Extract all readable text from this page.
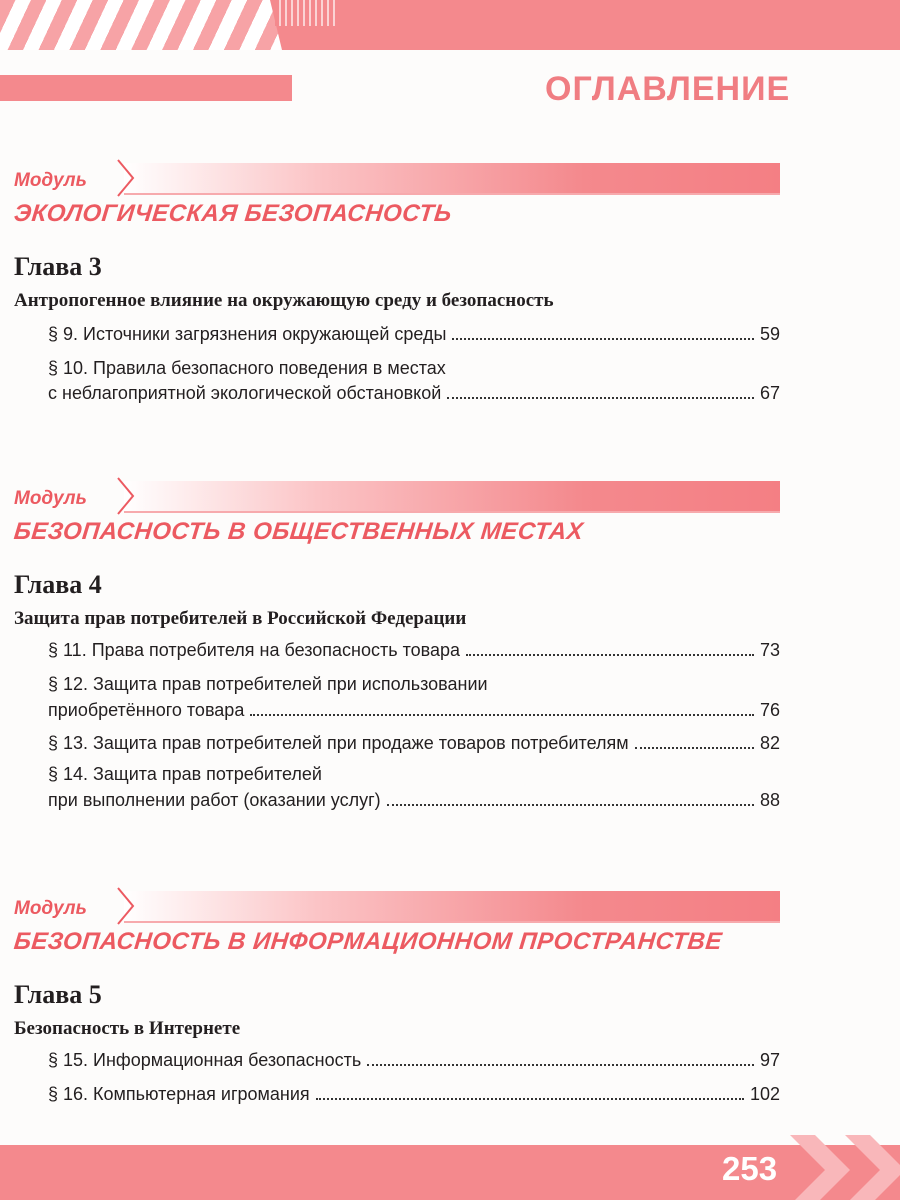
ОГЛАВЛЕНИЕ
Модуль
ЭКОЛОГИЧЕСКАЯ БЕЗОПАСНОСТЬ
Глава 3
Антропогенное влияние на окружающую среду и безопасность
§ 9. Источники загрязнения окружающей среды	59
§ 10. Правила безопасного поведения в местах
с неблагоприятной экологической обстановкой	67
Модуль
БЕЗОПАСНОСТЬ В ОБЩЕСТВЕННЫХ МЕСТАХ
Глава 4
Защита прав потребителей в Российской Федерации
§ 11. Права потребителя на безопасность товара	73
§ 12. Защита прав потребителей при использовании
приобретённого товара	76
§ 13. Защита прав потребителей при продаже товаров потребителям	82
§ 14. Защита прав потребителей
при выполнении работ (оказании услуг)	88
Модуль
БЕЗОПАСНОСТЬ В ИНФОРМАЦИОННОМ ПРОСТРАНСТВЕ
Глава 5
Безопасность в Интернете
§ 15. Информационная безопасность	97
§ 16. Компьютерная игромания	102
253
